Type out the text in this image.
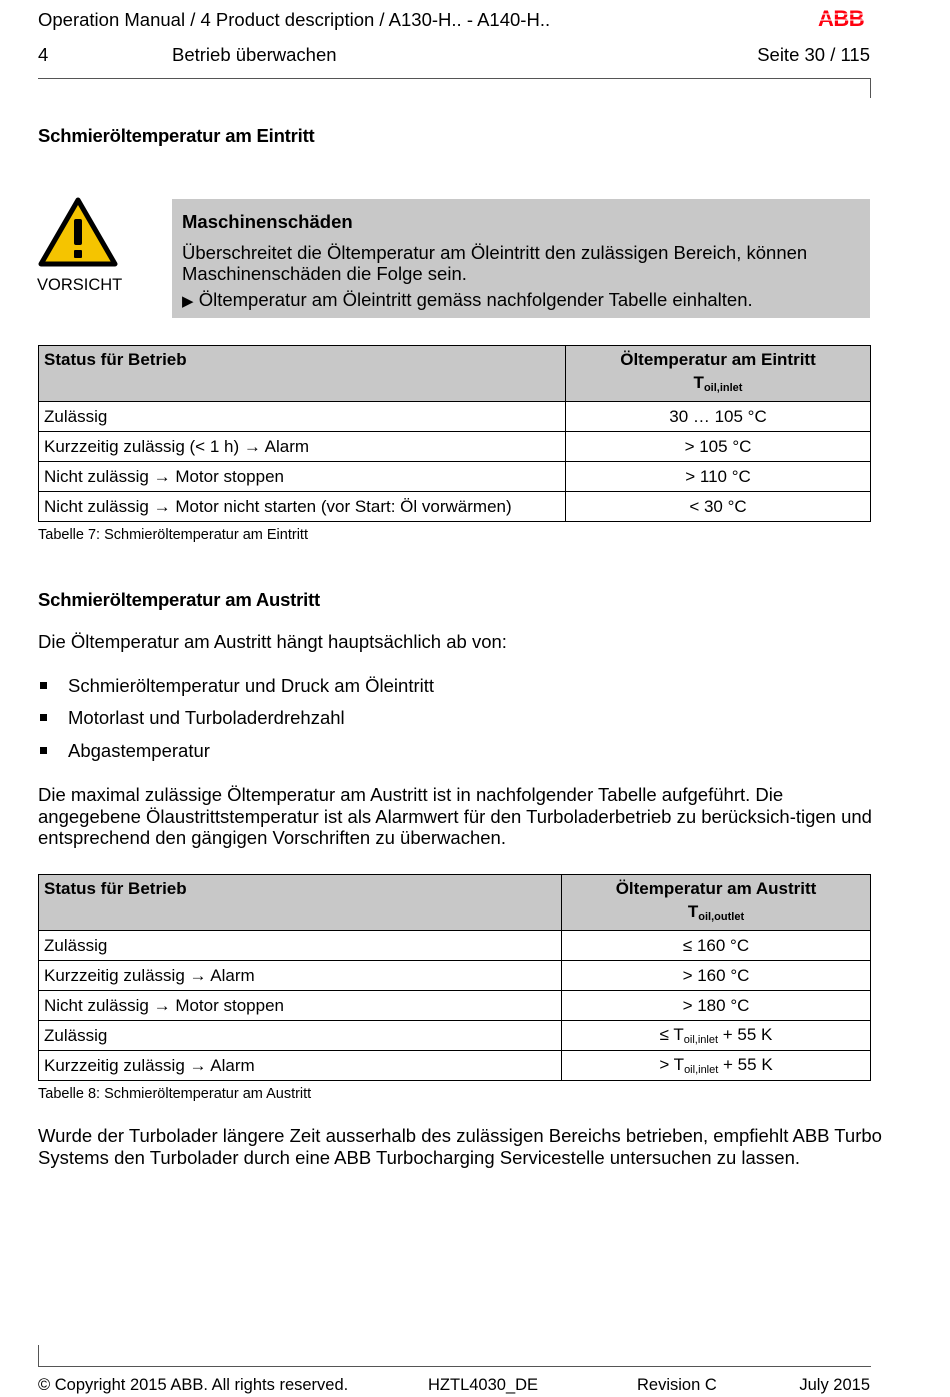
Operation Manual / 4 Product description / A130-H.. - A140-H..	ABB
4	Betrieb überwachen	Seite 30 / 115
Schmieröltemperatur am Eintritt
VORSICHT
Maschinenschäden
Überschreitet die Öltemperatur am Öleintritt den zulässigen Bereich, können Maschinenschäden die Folge sein.
▶ Öltemperatur am Öleintritt gemäss nachfolgender Tabelle einhalten.
Status für Betrieb	Öltemperatur am Eintritt
$T_{oil,inlet}$

Zulässig	30 … 105 °C
Kurzzeitig zulässig (< 1 h) → Alarm	> 105 °C
Nicht zulässig → Motor stoppen	> 110 °C
Nicht zulässig → Motor nicht starten (vor Start: Öl vorwärmen)	< 30 °C
Tabelle 7: Schmieröltemperatur am Eintritt
Schmieröltemperatur am Austritt
Die Öltemperatur am Austritt hängt hauptsächlich ab von:
Schmieröltemperatur und Druck am Öleintritt
Motorlast und Turboladerdrehzahl
Abgastemperatur
Die maximal zulässige Öltemperatur am Austritt ist in nachfolgender Tabelle aufgeführt. Die angegebene Ölaustrittstemperatur ist als Alarmwert für den Turboladerbetrieb zu berücksich-tigen und entsprechend den gängigen Vorschriften zu überwachen.
Status für Betrieb	Öltemperatur am Austritt
$T_{oil,outlet}$

Zulässig	≤ 160 °C
Kurzzeitig zulässig → Alarm	> 160 °C
Nicht zulässig → Motor stoppen	> 180 °C
Zulässig	≤ $T_{oil,inlet} + 55$ K
Kurzzeitig zulässig → Alarm	> $T_{oil,inlet} + 55$ K
Tabelle 8: Schmieröltemperatur am Austritt
Wurde der Turbolader längere Zeit ausserhalb des zulässigen Bereichs betrieben, empfiehlt ABB Turbo Systems den Turbolader durch eine ABB Turbocharging Servicestelle untersuchen zu lassen.
© Copyright 2015 ABB. All rights reserved.	HZTL4030_DE	Revision C	July 2015
